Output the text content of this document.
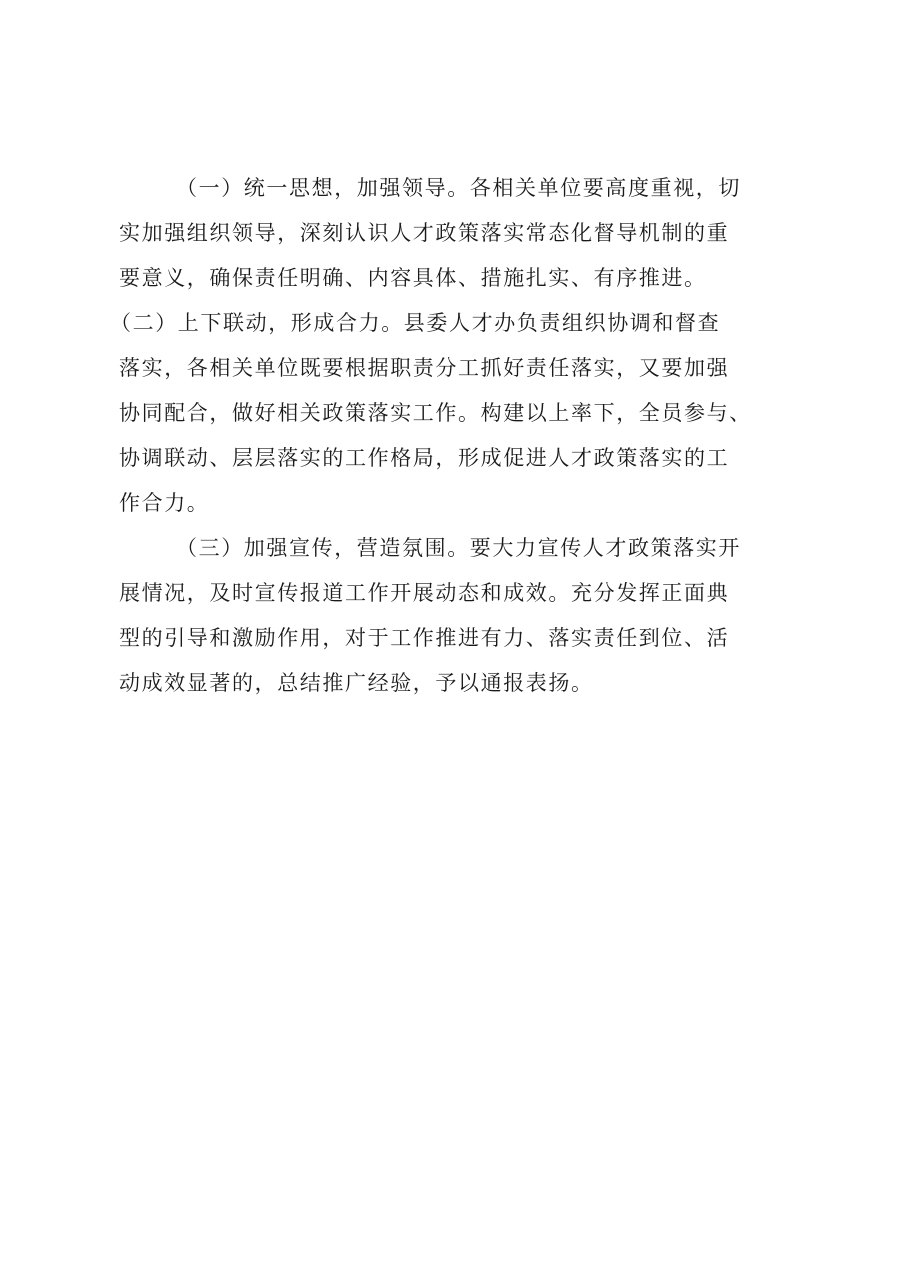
（一）统一思想，加强领导。各相关单位要高度重视，切
实加强组织领导，深刻认识人才政策落实常态化督导机制的重
要意义，确保责任明确、内容具体、措施扎实、有序推进。
（二）上下联动，形成合力。县委人才办负责组织协调和督查
落实，各相关单位既要根据职责分工抓好责任落实，又要加强
协同配合，做好相关政策落实工作。构建以上率下，全员参与、
协调联动、层层落实的工作格局，形成促进人才政策落实的工
作合力。
（三）加强宣传，营造氛围。要大力宣传人才政策落实开
展情况，及时宣传报道工作开展动态和成效。充分发挥正面典
型的引导和激励作用，对于工作推进有力、落实责任到位、活
动成效显著的，总结推广经验，予以通报表扬。
